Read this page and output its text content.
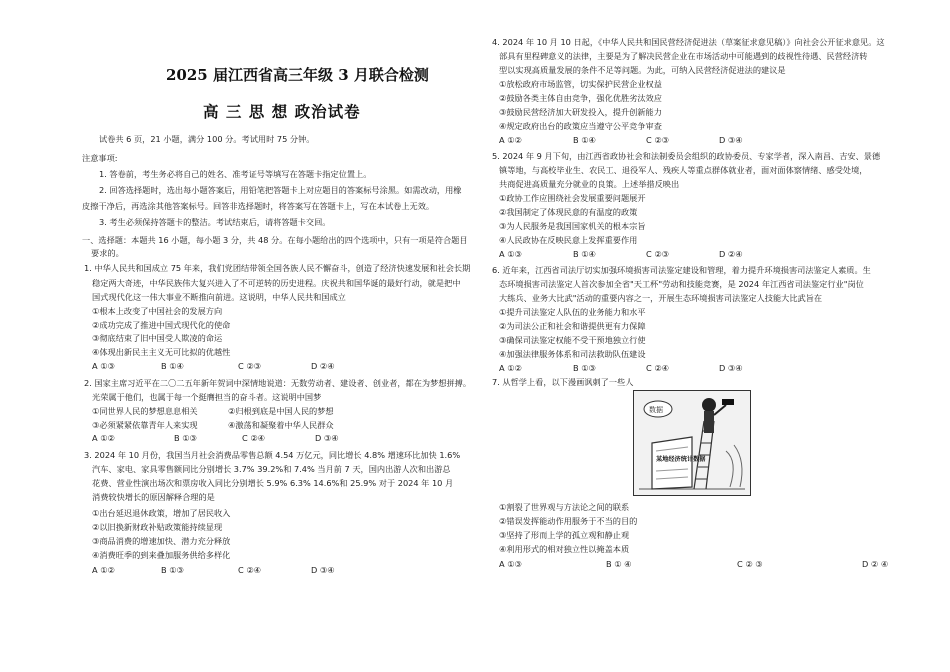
2025 届江西省高三年级 3 月联合检测
高 三 思 想 政治试卷
试卷共 6 页，21 小题，满分 100 分。考试用时 75 分钟。
注意事项:
1. 答卷前，考生务必将自己的姓名、准考证号等填写在答题卡指定位置上。
2. 回答选择题时，选出每小题答案后，用铅笔把答题卡上对应题目的答案标号涂黑。如需改动，用橡
皮擦干净后，再选涂其他答案标号。回答非选择题时，将答案写在答题卡上，写在本试卷上无效。
3. 考生必须保持答题卡的整洁。考试结束后，请将答题卡交回。
一、选择题：本题共 16 小题，每小题 3 分，共 48 分。在每小题给出的四个选项中，只有一项是符合题目
要求的。
1. 中华人民共和国成立 75 年来，我们党团结带领全国各族人民不懈奋斗，创造了经济快速发展和社会长期
稳定两大奇迹，中华民族伟大复兴进入了不可逆转的历史进程。庆祝共和国华诞的最好行动，就是把中
国式现代化这一伟大事业不断推向前进。这说明，中华人民共和国成立
①根本上改变了中国社会的发展方向
②成功完成了推进中国式现代化的使命
③彻底结束了旧中国受人欺凌的命运
④体现出新民主主义无可比拟的优越性
A ①③	B ①④	C ②③	D ②④
2. 国家主席习近平在二〇二五年新年贺词中深情地说道：无数劳动者、建设者、创业者，都在为梦想拼搏。
光荣属于他们，也属于每一个挺膺担当的奋斗者。这说明中国梦
①同世界人民的梦想息息相关	②归根到底是中国人民的梦想
③必须紧紧依靠青年人来实现	④激荡和凝聚着中华人民群众
A ①②	B ①③	C ②④	D ③④
3. 2024 年 10 月份，我国当月社会消费品零售总额 4.54 万亿元，同比增长 4.8% 增速环比加快 1.6%
汽车、家电、家具零售额同比分别增长 3.7% 39.2%和 7.4% 当月前 7 天，国内出游人次和出游总
花费、营业性演出场次和票房收入同比分别增长 5.9% 6.3% 14.6%和 25.9% 对于 2024 年 10 月
消费较快增长的原因解释合理的是
①出台延迟退休政策，增加了居民收入
②以旧换新财政补贴政策能持续显现
③商品消费的增速加快、潜力充分释放
④消费旺季的到来叠加服务供给多样化
A ①②	B ①③	C ②④	D ③④
4. 2024 年 10 月 10 日起，《中华人民共和国民营经济促进法（草案征求意见稿）》向社会公开征求意见。这
部具有里程碑意义的法律，主要是为了解决民营企业在市场活动中可能遇到的歧视性待遇、民营经济转
型以实现高质量发展的条件不足等问题。为此，可纳入民营经济促进法的建议是
①放松政府市场监管，切实保护民营企业权益
②鼓励各类主体自由竞争，强化优胜劣汰效应
③鼓励民营经济加大研发投入，提升创新能力
④规定政府出台的政策应当遵守公平竞争审查
A ①②	B ①④	C ②③	D ③④
5. 2024 年 9 月下旬，由江西省政协社会和法制委员会组织的政协委员、专家学者，深入南昌、吉安、景德
镇等地，与高校毕业生、农民工、退役军人、残疾人等重点群体就业者，面对面体察情绪、感受处境，
共商促进高质量充分就业的良策。上述举措反映出
①政协工作应围绕社会发展重要问题展开
②我国制定了体现民意的有温度的政策
③为人民服务是我国国家机关的根本宗旨
④人民政协在反映民意上发挥重要作用
A ①③	B ①④	C ②③	D ②④
6. 近年来，江西省司法厅切实加强环境损害司法鉴定建设和管理，着力提升环境损害司法鉴定人素质。生
态环境损害司法鉴定人首次参加全省"天工杯"劳动和技能竞赛，是 2024 年江西省司法鉴定行业"岗位
大练兵、业务大比武"活动的重要内容之一，开展生态环境损害司法鉴定人技能大比武旨在
①提升司法鉴定人队伍的业务能力和水平
②为司法公正和社会和谐提供更有力保障
③确保司法鉴定权能不受干预地独立行使
④加强法律服务体系和司法救助队伍建设
A ①②	B ①③	C ②④	D ③④
7. 从哲学上看，以下漫画讽刺了一些人
数据
某地经济统计数据
①割裂了世界观与方法论之间的联系
②错误发挥能动作用服务于不当的目的
③坚持了形而上学的孤立观和静止观
④利用形式的相对独立性以掩盖本质
A ①③	B ① ④	C ② ③	D ② ④
